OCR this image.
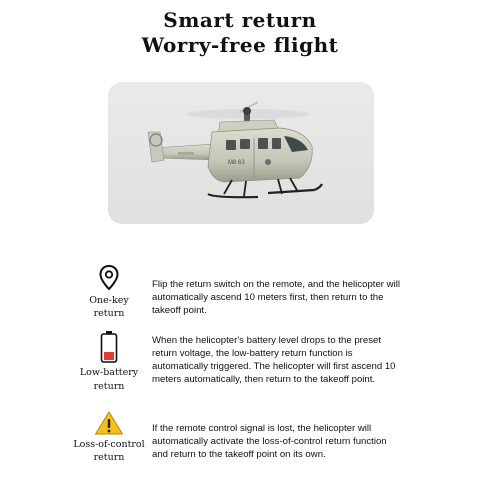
Smart return
Worry-free flight
M8 63
One-key
return
Flip the return switch on the remote, and the helicopter will automatically ascend 10 meters first, then return to the takeoff point.
Low-battery
return
When the helicopter's battery level drops to the preset return voltage, the low-battery return function is automatically triggered. The helicopter will first ascend 10 meters automatically, then return to the takeoff point.
Loss-of-control
return
If the remote control signal is lost, the helicopter will automatically activate the loss-of-control return function and return to the takeoff point on its own.
